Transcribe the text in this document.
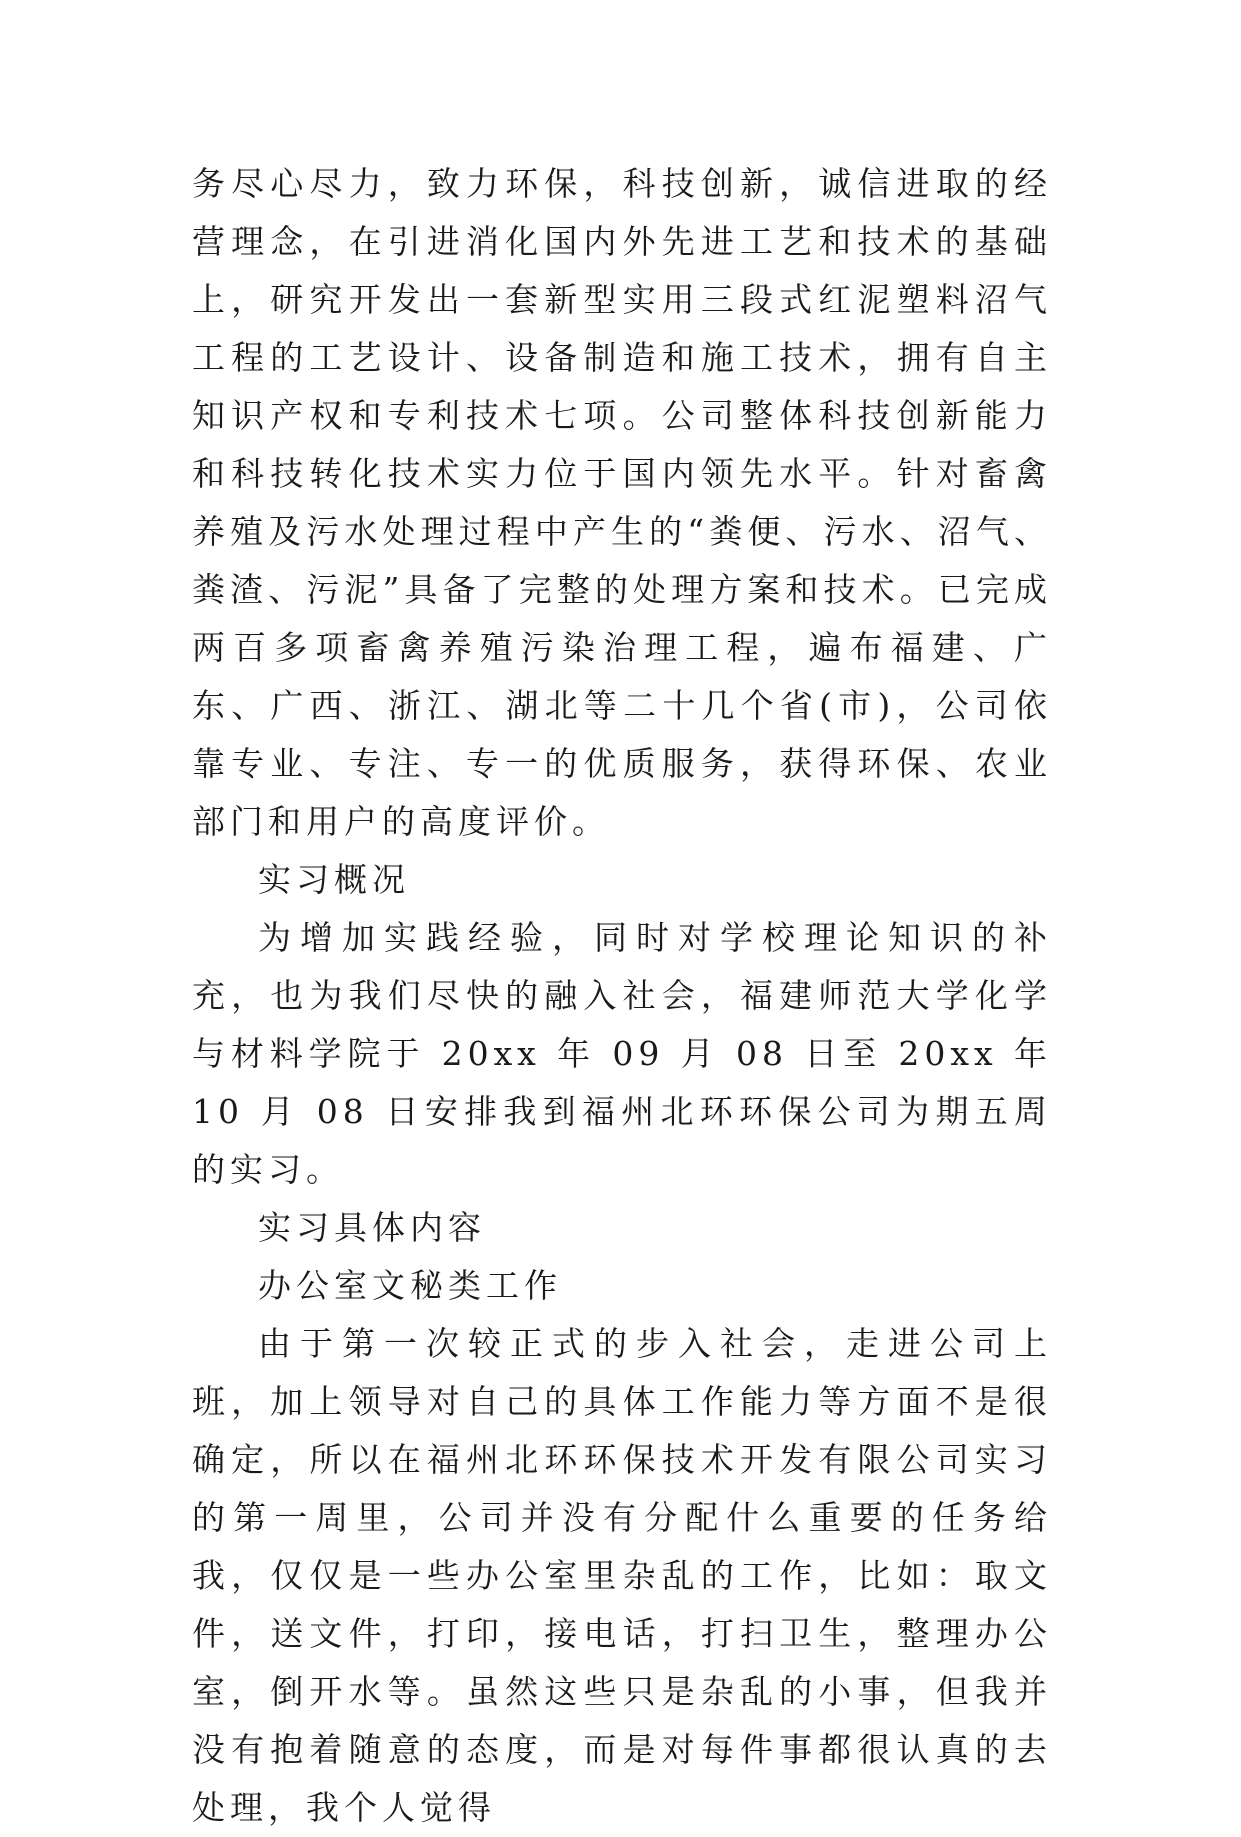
务尽心尽力，致力环保，科技创新，诚信进取的经营理念，在引进消化国内外先进工艺和技术的基础上，研究开发出一套新型实用三段式红泥塑料沼气工程的工艺设计、设备制造和施工技术，拥有自主知识产权和专利技术七项。公司整体科技创新能力和科技转化技术实力位于国内领先水平。针对畜禽养殖及污水处理过程中产生的“粪便、污水、沼气、粪渣、污泥”具备了完整的处理方案和技术。已完成两百多项畜禽养殖污染治理工程，遍布福建、广东、广西、浙江、湖北等二十几个省(市)，公司依靠专业、专注、专一的优质服务，获得环保、农业部门和用户的高度评价。

实习概况

为增加实践经验，同时对学校理论知识的补充，也为我们尽快的融入社会，福建师范大学化学与材料学院于 20xx 年 09 月 08 日至 20xx 年 10 月 08 日安排我到福州北环环保公司为期五周的实习。

实习具体内容

办公室文秘类工作

由于第一次较正式的步入社会，走进公司上班，加上领导对自己的具体工作能力等方面不是很确定，所以在福州北环环保技术开发有限公司实习的第一周里，公司并没有分配什么重要的任务给我，仅仅是一些办公室里杂乱的工作，比如：取文件，送文件，打印，接电话，打扫卫生，整理办公室，倒开水等。虽然这些只是杂乱的小事，但我并没有抱着随意的态度，而是对每件事都很认真的去处理，我个人觉得
